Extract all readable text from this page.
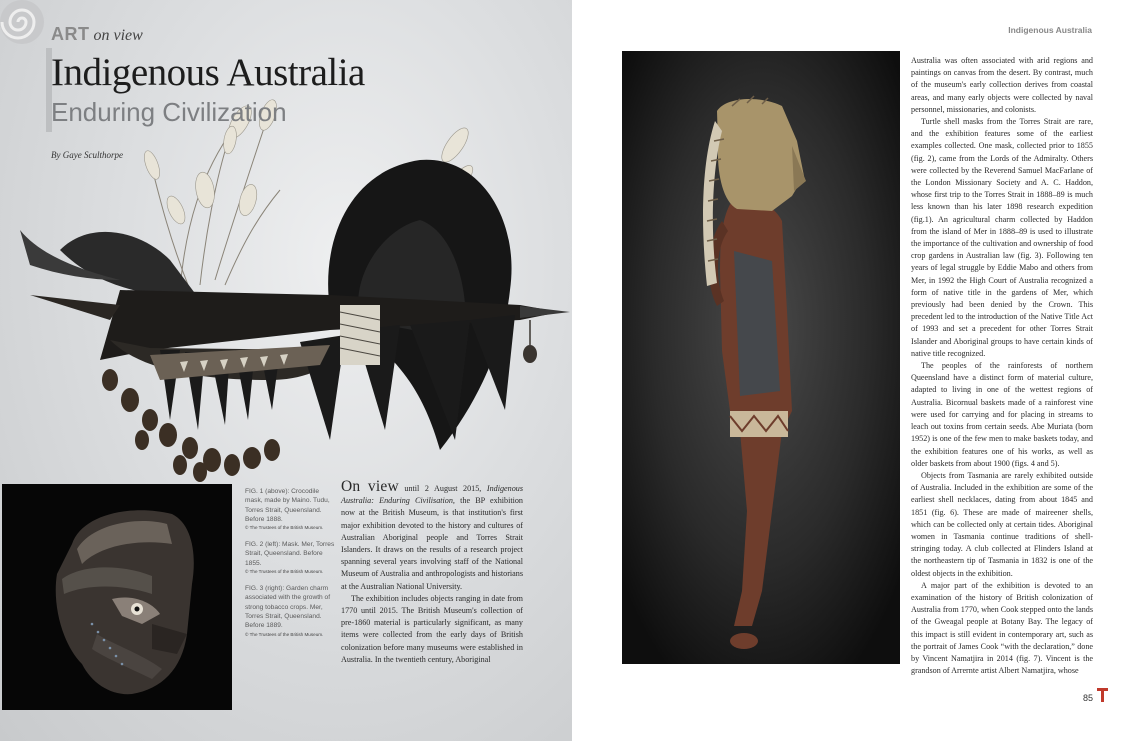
ART on view
Indigenous Australia
Enduring Civilization
By Gaye Sculthorpe
FIG. 1 (above): Crocodile mask, made by Maino. Tudu, Torres Strait, Queensland. Before 1888.
© The Trustees of the British Museum.
FIG. 2 (left): Mask. Mer, Torres Strait, Queensland. Before 1855.
© The Trustees of the British Museum.
FIG. 3 (right): Garden charm associated with the growth of strong tobacco crops. Mer, Torres Strait, Queensland. Before 1889.
© The Trustees of the British Museum.

On view until 2 August 2015, Indigenous Australia: Enduring Civilisation, the BP exhibition now at the British Museum, is that institution's first major exhibition devoted to the history and cultures of Australian Aboriginal people and Torres Strait Islanders. It draws on the results of a research project spanning several years involving staff of the National Museum of Australia and anthropologists and historians at the Australian National University.

The exhibition includes objects ranging in date from 1770 until 2015. The British Museum's collection of pre-1860 material is particularly significant, as many items were collected from the early days of British colonization before many museums were established in Australia. In the twentieth century, Aboriginal

Indigenous Australia

Australia was often associated with arid regions and paintings on canvas from the desert. By contrast, much of the museum's early collection derives from coastal areas, and many early objects were collected by naval personnel, missionaries, and colonists.

Turtle shell masks from the Torres Strait are rare, and the exhibition features some of the earliest examples collected. One mask, collected prior to 1855 (fig. 2), came from the Lords of the Admiralty. Others were collected by the Reverend Samuel MacFarlane of the London Missionary Society and A. C. Haddon, whose first trip to the Torres Strait in 1888–89 is much less known than his later 1898 research expedition (fig.1). An agricultural charm collected by Haddon from the island of Mer in 1888–89 is used to illustrate the importance of the cultivation and ownership of food crop gardens in Australian law (fig. 3). Following ten years of legal struggle by Eddie Mabo and others from Mer, in 1992 the High Court of Australia recognized a form of native title in the gardens of Mer, which previously had been denied by the Crown. This precedent led to the introduction of the Native Title Act of 1993 and set a precedent for other Torres Strait Islander and Aboriginal groups to have certain kinds of native title recognized.

The peoples of the rainforests of northern Queensland have a distinct form of material culture, adapted to living in one of the wettest regions of Australia. Bicornual baskets made of a rainforest vine were used for carrying and for placing in streams to leach out toxins from certain seeds. Abe Muriata (born 1952) is one of the few men to make baskets today, and the exhibition features one of his works, as well as older baskets from about 1900 (figs. 4 and 5).

Objects from Tasmania are rarely exhibited outside of Australia. Included in the exhibition are some of the earliest shell necklaces, dating from about 1845 and 1851 (fig. 6). These are made of maireener shells, which can be collected only at certain tides. Aboriginal women in Tasmania continue traditions of shell-stringing today. A club collected at Flinders Island at the northeastern tip of Tasmania in 1832 is one of the oldest objects in the exhibition.

A major part of the exhibition is devoted to an examination of the history of British colonization of Australia from 1770, when Cook stepped onto the lands of the Gweagal people at Botany Bay. The legacy of this impact is still evident in contemporary art, such as the portrait of James Cook “with the declaration,” done by Vincent Namatjira in 2014 (fig. 7). Vincent is the grandson of Arrernte artist Albert Namatjira, whose

85
